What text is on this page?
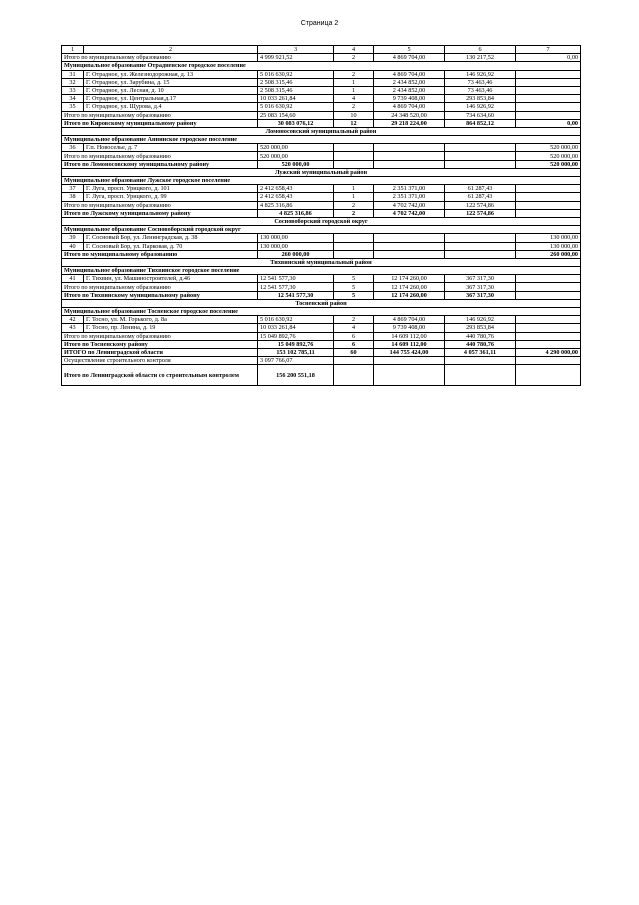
Страница 2
1	2	3	4	5	6	7
Итого по муниципальному образованию		4 999 921,52	2	4 869 704,00	130 217,52	0,00
Муниципальное образование Отрадненское городское поселение						
31	Г. Отрадное, ул. Железнодорожная, д. 13	5 016 630,92	2	4 869 704,00	146 926,92	
32	Г. Отрадное, ул. Зарубина, д. 15	2 508 315,46	1	2 434 852,00	73 463,46	
33	Г. Отрадное, ул. Лесная, д. 10	2 508 315,46	1	2 434 852,00	73 463,46	
34	Г. Отрадное, ул. Центральная,д.17	10 033 261,84	4	9 739 408,00	293 853,84	
35	Г. Отрадное, ул. Щурова, д.4	5 016 630,92	2	4 869 704,00	146 926,92	
Итого по муниципальному образованию		25 083 154,60	10	24 348 520,00	734 634,60	
Итого по Кировскому муниципальному району		30 083 076,12	12	29 218 224,00	864 852,12	0,00
Ломоносовский муниципальный район						
Муниципальное образование Аннинское городское поселение						
36	Г.п. Новоселье, д. 7	520 000,00				520 000,00
Итого по муниципальному образованию		520 000,00				520 000,00
Итого по Ломоносовскому муниципальному району		520 000,00				520 000,00
Лужский муниципальный район						
Муниципальное образование Лужское городское поселение						
37	Г. Луга, просп. Урицкого, д. 101	2 412 658,43	1	2 351 371,00	61 287,43	
38	Г. Луга, просп. Урицкого, д. 99	2 412 658,43	1	2 351 371,00	61 287,43	
Итого по муниципальному образованию		4 825 316,86	2	4 702 742,00	122 574,86	
Итого по Лужскому муниципальному району		4 825 316,86	2	4 702 742,00	122 574,86	
Сосновоборский городской округ						
Муниципальное образование Сосновоборский городской округ						
39	Г. Сосновый Бор, ул. Ленинградская, д. 38	130 000,00				130 000,00
40	Г. Сосновый Бор, ул. Парковая, д. 70	130 000,00				130 000,00
Итого по муниципальному образованию		260 000,00				260 000,00
Тихвинский муниципальный район						
Муниципальное образование Тихвинское городское поселение						
41	Г. Тихвин, ул. Машиностроителей, д.46	12 541 577,30	5	12 174 260,00	367 317,30	
Итого по муниципальному образованию		12 541 577,30	5	12 174 260,00	367 317,30	
Итого по Тихвинскому муниципальному району		12 541 577,30	5	12 174 260,00	367 317,30	
Тосненский район						
Муниципальное образование Тосненское городское поселение						
42	Г. Тосно, ул. М. Горького, д. 8а	5 016 630,92	2	4 869 704,00	146 926,92	
43	Г. Тосно, пр. Ленина, д. 19	10 033 261,84	4	9 739 408,00	293 853,84	
Итого по муниципальному образованию		15 049 892,76	6	14 609 112,00	440 780,76	
Итого по Тосненскому району		15 049 892,76	6	14 609 112,00	440 780,76	
ИТОГО по Ленинградской области		153 102 785,11	60	144 755 424,00	4 057 361,11	4 290 000,00
Осуществление строительного контроля		3 097 766,07				
Итого по Ленинградской области со строительным контролем		156 200 551,18				
